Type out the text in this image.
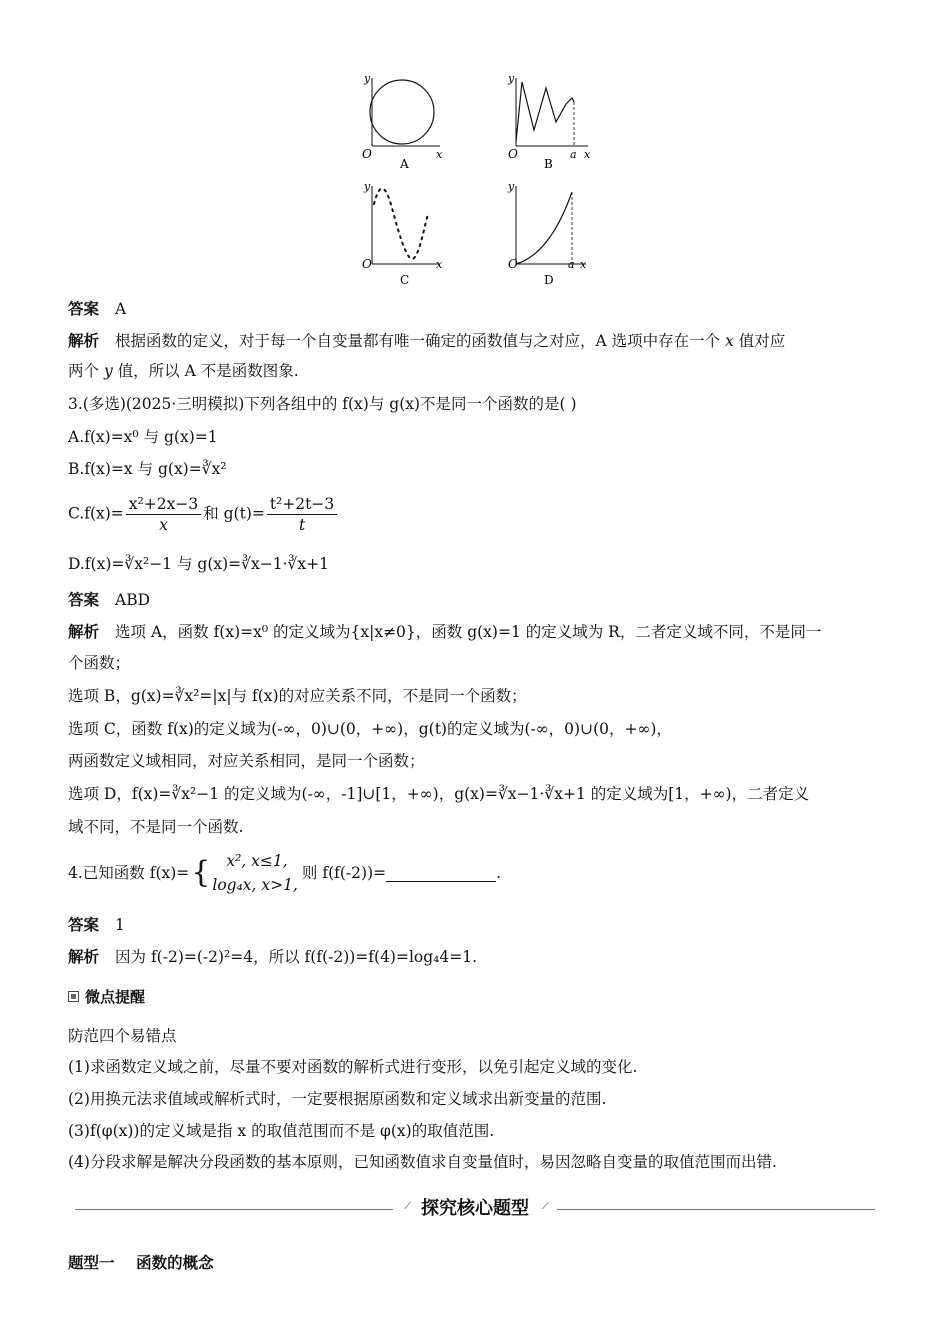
y
O	x
A
y
O	a x
B
y
O	x
C
y
O	a x
D
答案 A
解析 根据函数的定义，对于每一个自变量都有唯一确定的函数值与之对应，A 选项中存在一个 x 值对应
两个 y 值，所以 A 不是函数图象.
3.(多选)(2025·三明模拟)下列各组中的 f(x)与 g(x)不是同一个函数的是( )
A.f(x)=x⁰ 与 g(x)=1
B.f(x)=x 与 g(x)=∛x²
$C.f(x)= \frac{\text{x²+2x−3}}{x}$ 和 $g(t)= \frac{\text{t²+2t−3}}{t}$
D.f(x)=∛x²−1 与 g(x)=∛x−1·∛x+1
答案 ABD
解析 选项 A，函数 f(x)=x⁰ 的定义域为{x|x≠0}，函数 g(x)=1 的定义域为 R，二者定义域不同，不是同一
个函数；
选项 B，g(x)=∛x²=|x|与 f(x)的对应关系不同，不是同一个函数；
选项 C，函数 f(x)的定义域为(-∞，0)∪(0，+∞)，g(t)的定义域为(-∞，0)∪(0，+∞)，
两函数定义域相同，对应关系相同，是同一个函数；
选项 D，f(x)=∛x²−1 的定义域为(-∞，-1]∪[1，+∞)，g(x)=∛x−1·∛x+1 的定义域为[1，+∞)，二者定义
域不同，不是同一个函数.
4.已知函数 f(x)={	x², x≤1,
log₄x, x>1,
则 f(f(-2))=	.
答案 1
解析 因为 f(-2)=(-2)²=4，所以 f(f(-2))=f(4)=log₄4=1.
微点提醒
防范四个易错点
(1)求函数定义域之前，尽量不要对函数的解析式进行变形，以免引起定义域的变化.
(2)用换元法求值域或解析式时，一定要根据原函数和定义域求出新变量的范围.
(3)f(φ(x))的定义域是指 x 的取值范围而不是 φ(x)的取值范围.
(4)分段求解是解决分段函数的基本原则，已知函数值求自变量值时，易因忽略自变量的取值范围而出错.
探究核心题型
题型一    函数的概念
